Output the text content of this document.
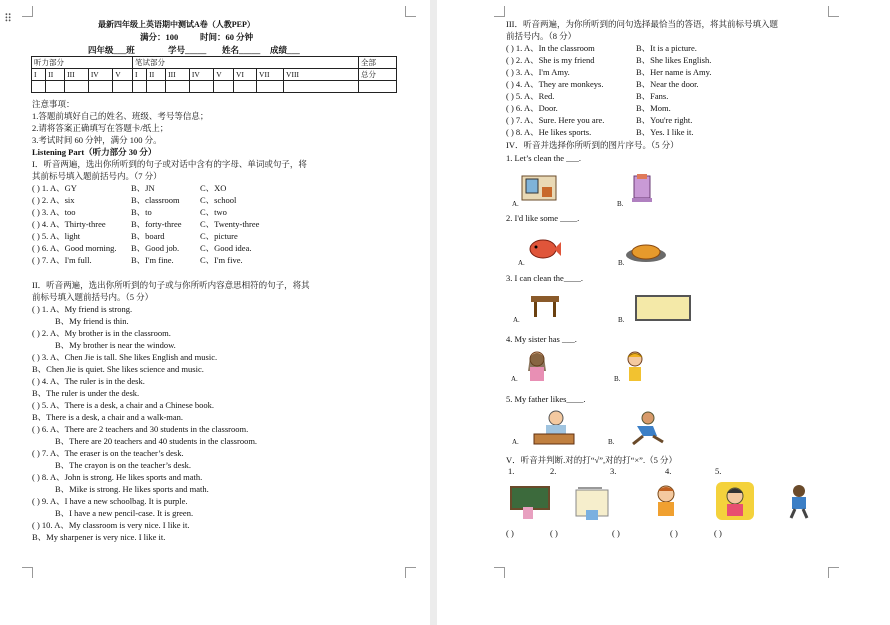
⠿	最新四年级上英语期中测试A卷（人教PEP）
满分：100	时间：60 分钟
四年级___班	学号_____ 姓名_____ 成绩___
听力部分					笔试部分								全部
I	II	III	IV	V	I	II	III	IV	V	VI	VII	VIII	总分

注意事项：
1.答题前填好自己的姓名、班级、考号等信息；
2.请将答案正确填写在答题卡/纸上；
3.考试时间 60 分钟，满分 100 分。
Listening Part（听力部分 30 分）
I．听音两遍，选出你所听到的句子或对话中含有的字母、单词或句子，将
其前标号填入题前括号内。（7 分）
( ) 1. A、GY	B、JN	C、XO
( ) 2. A、six	B、classroom C、school
( ) 3. A、too	B、to	C、two
( ) 4. A、Thirty-three	B、forty-three C、Twenty-three
( ) 5. A、light	B、board	C、picture
( ) 6. A、Good morning. B、Good job. C、Good idea.
( ) 7. A、I'm full.	B、I'm fine.	C、I'm five.
II．听音两遍，选出你所听到的句子或与你所听内容意思相符的句子，将其
前标号填入题前括号内。（5 分）
( ) 1. A、My friend is strong.
B、My friend is thin.
( ) 2. A、My brother is in the classroom.
B、My brother is near the window.
( ) 3. A、Chen Jie is tall. She likes English and music.
B、Chen Jie is quiet. She likes science and music.
( ) 4. A、The ruler is in the desk.
B、The ruler is under the desk.
( ) 5. A、There is a desk, a chair and a Chinese book.
B、There is a desk, a chair and a walk-man.
( ) 6. A、There are 2 teachers and 30 students in the classroom.
B、There are 20 teachers and 40 students in the classroom.
( ) 7. A、The eraser is on the teacher’s desk.
B、The crayon is on the teacher’s desk.
( ) 8. A、John is strong. He likes sports and math.
B、Mike is strong. He likes sports and math.
( ) 9. A、I have a new schoolbag. It is purple.
B、I have a new pencil-case. It is green.
( ) 10. A、My classroom is very nice. I like it.
B、My sharpener is very nice. I like it.
III．听音两遍，为你所听到的问句选择最恰当的答语，将其前标号填入题
前括号内。（8 分）
( ) 1. A、In the classroom	B、It is a picture.
( ) 2. A、She is my friend	B、She likes English.
( ) 3. A、I'm Amy.	B、Her name is Amy.
( ) 4. A、They are monkeys.	B、Near the door.
( ) 5. A、Red.	B、Fans.
( ) 6. A、Door.	B、Mom.
( ) 7. A、Sure. Here you are.	B、You're right.
( ) 8. A、He likes sports.	B、Yes. I like it.
IV．听音并选择你所听到的图片序号。（5 分）
1. Let’s clean the ___.
2. I'd like some ____.
3. I can clean the____.
4. My sister has ___.
5. My father likes____.
A.	B.
A.	B.
A.	B.
A.	B.
A.	B.
V．听音并判断.对的打“√”,对的打“×”.（5 分）
1.	2.	3.	4.	5.
( )	( )	( )	( )	( )
